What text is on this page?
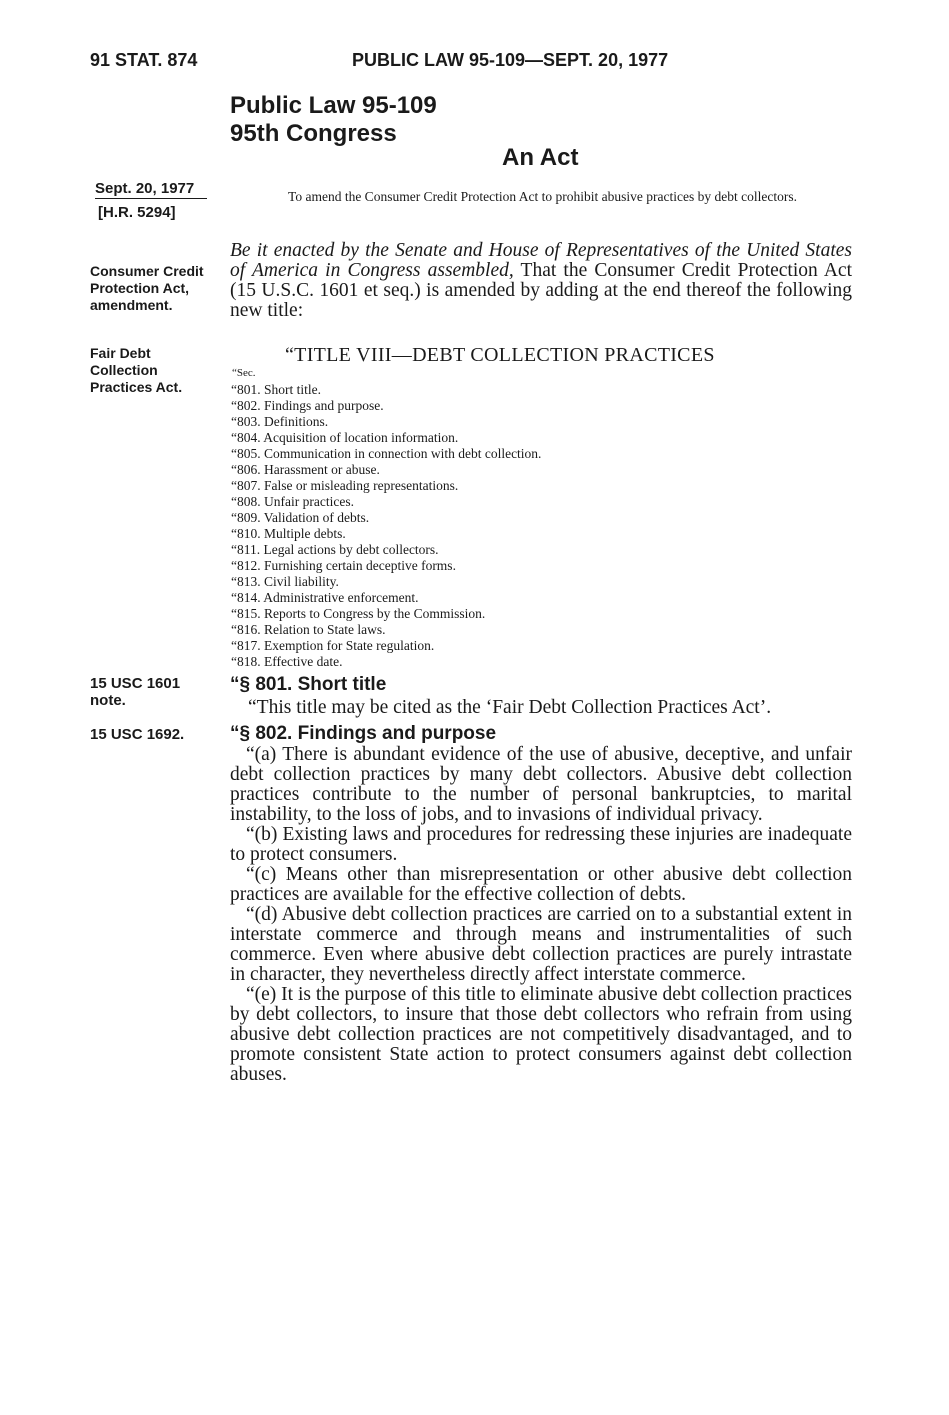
91 STAT. 874	PUBLIC LAW 95-109—SEPT. 20, 1977
Public Law 95-109
95th Congress
An Act
Sept. 20, 1977
[H.R. 5294]
Consumer Credit Protection Act, amendment.
Fair Debt Collection Practices Act.
15 USC 1601 note.
15 USC 1692.
To amend the Consumer Credit Protection Act to prohibit abusive practices by debt collectors.
Be it enacted by the Senate and House of Representatives of the United States of America in Congress assembled, That the Consumer Credit Protection Act (15 U.S.C. 1601 et seq.) is amended by adding at the end thereof the following new title:
“TITLE VIII—DEBT COLLECTION PRACTICES
“Sec.
“801. Short title.
“802. Findings and purpose.
“803. Definitions.
“804. Acquisition of location information.
“805. Communication in connection with debt collection.
“806. Harassment or abuse.
“807. False or misleading representations.
“808. Unfair practices.
“809. Validation of debts.
“810. Multiple debts.
“811. Legal actions by debt collectors.
“812. Furnishing certain deceptive forms.
“813. Civil liability.
“814. Administrative enforcement.
“815. Reports to Congress by the Commission.
“816. Relation to State laws.
“817. Exemption for State regulation.
“818. Effective date.
“§ 801. Short title
“This title may be cited as the ‘Fair Debt Collection Practices Act’.
“§ 802. Findings and purpose

“(a) There is abundant evidence of the use of abusive, deceptive, and unfair debt collection practices by many debt collectors. Abusive debt collection practices contribute to the number of personal bankruptcies, to marital instability, to the loss of jobs, and to invasions of individual privacy.

“(b) Existing laws and procedures for redressing these injuries are inadequate to protect consumers.

“(c) Means other than misrepresentation or other abusive debt collection practices are available for the effective collection of debts.

“(d) Abusive debt collection practices are carried on to a substantial extent in interstate commerce and through means and instrumentalities of such commerce. Even where abusive debt collection practices are purely intrastate in character, they nevertheless directly affect interstate commerce.

“(e) It is the purpose of this title to eliminate abusive debt collection practices by debt collectors, to insure that those debt collectors who refrain from using abusive debt collection practices are not competitively disadvantaged, and to promote consistent State action to protect consumers against debt collection abuses.
